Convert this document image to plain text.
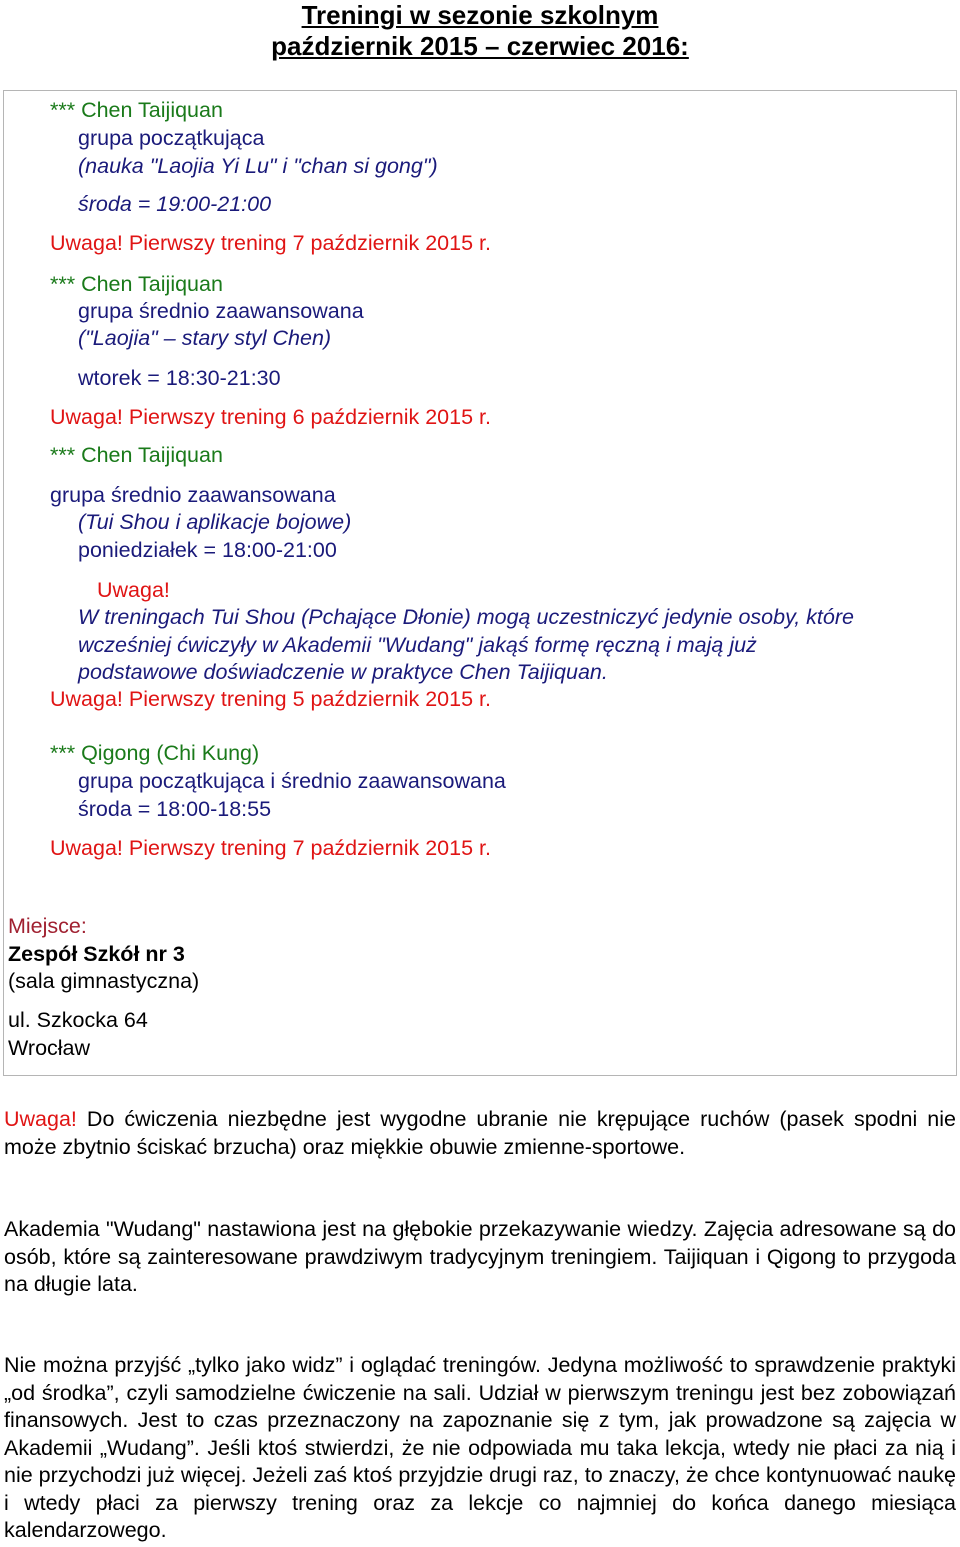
Treningi w sezonie szkolnym
październik 2015 – czerwiec 2016:
*** Chen Taijiquan
grupa początkująca
(nauka "Laojia Yi Lu" i "chan si gong")
środa = 19:00-21:00
Uwaga! Pierwszy trening 7 październik 2015 r.
*** Chen Taijiquan
grupa średnio zaawansowana
("Laojia" – stary styl Chen)
wtorek = 18:30-21:30
Uwaga! Pierwszy trening 6 październik 2015 r.
*** Chen Taijiquan
grupa średnio zaawansowana
(Tui Shou i aplikacje bojowe)
poniedziałek = 18:00-21:00
Uwaga!
W treningach Tui Shou (Pchające Dłonie) mogą uczestniczyć jedynie osoby, które
wcześniej ćwiczyły w Akademii "Wudang" jakąś formę ręczną i mają już
podstawowe doświadczenie w praktyce Chen Taijiquan.
Uwaga! Pierwszy trening 5 październik 2015 r.
*** Qigong (Chi Kung)
grupa początkująca i średnio zaawansowana
środa = 18:00-18:55
Uwaga! Pierwszy trening 7 październik 2015 r.
Miejsce:
Zespół Szkół nr 3
(sala gimnastyczna)
ul. Szkocka 64
Wrocław
Uwaga! Do ćwiczenia niezbędne jest wygodne ubranie nie krępujące ruchów (pasek spodni nie może zbytnio ściskać brzucha) oraz miękkie obuwie zmienne-sportowe.
Akademia "Wudang" nastawiona jest na głębokie przekazywanie wiedzy. Zajęcia adresowane są do osób, które są zainteresowane prawdziwym tradycyjnym treningiem. Taijiquan i Qigong to przygoda na długie lata.
Nie można przyjść „tylko jako widz” i oglądać treningów. Jedyna możliwość to sprawdzenie praktyki „od środka”, czyli samodzielne ćwiczenie na sali. Udział w pierwszym treningu jest bez zobowiązań finansowych. Jest to czas przeznaczony na zapoznanie się z tym, jak prowadzone są zajęcia w Akademii „Wudang”. Jeśli ktoś stwierdzi, że nie odpowiada mu taka lekcja, wtedy nie płaci za nią i nie przychodzi już więcej. Jeżeli zaś ktoś przyjdzie drugi raz, to znaczy, że chce kontynuować naukę i wtedy płaci za pierwszy trening oraz za lekcje co najmniej do końca danego miesiąca kalendarzowego.
